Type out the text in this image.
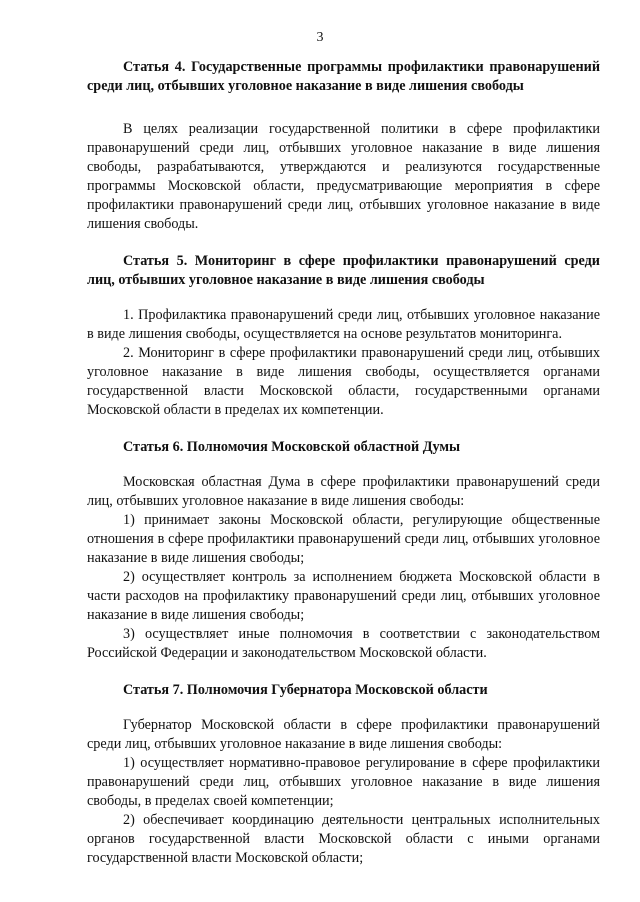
3
Статья 4. Государственные программы профилактики правонарушений среди лиц, отбывших уголовное наказание в виде лишения свободы

В целях реализации государственной политики в сфере профилактики правонарушений среди лиц, отбывших уголовное наказание в виде лишения свободы, разрабатываются, утверждаются и реализуются государственные программы Московской области, предусматривающие мероприятия в сфере профилактики правонарушений среди лиц, отбывших уголовное наказание в виде лишения свободы.

Статья 5. Мониторинг в сфере профилактики правонарушений среди лиц, отбывших уголовное наказание в виде лишения свободы

1. Профилактика правонарушений среди лиц, отбывших уголовное наказание в виде лишения свободы, осуществляется на основе результатов мониторинга.

2. Мониторинг в сфере профилактики правонарушений среди лиц, отбывших уголовное наказание в виде лишения свободы, осуществляется органами государственной власти Московской области, государственными органами Московской области в пределах их компетенции.

Статья 6. Полномочия Московской областной Думы

Московская областная Дума в сфере профилактики правонарушений среди лиц, отбывших уголовное наказание в виде лишения свободы:

1) принимает законы Московской области, регулирующие общественные отношения в сфере профилактики правонарушений среди лиц, отбывших уголовное наказание в виде лишения свободы;

2) осуществляет контроль за исполнением бюджета Московской области в части расходов на профилактику правонарушений среди лиц, отбывших уголовное наказание в виде лишения свободы;

3) осуществляет иные полномочия в соответствии с законодательством Российской Федерации и законодательством Московской области.

Статья 7. Полномочия Губернатора Московской области

Губернатор Московской области в сфере профилактики правонарушений среди лиц, отбывших уголовное наказание в виде лишения свободы:

1) осуществляет нормативно-правовое регулирование в сфере профилактики правонарушений среди лиц, отбывших уголовное наказание в виде лишения свободы, в пределах своей компетенции;

2) обеспечивает координацию деятельности центральных исполнительных органов государственной власти Московской области с иными органами государственной власти Московской области;
